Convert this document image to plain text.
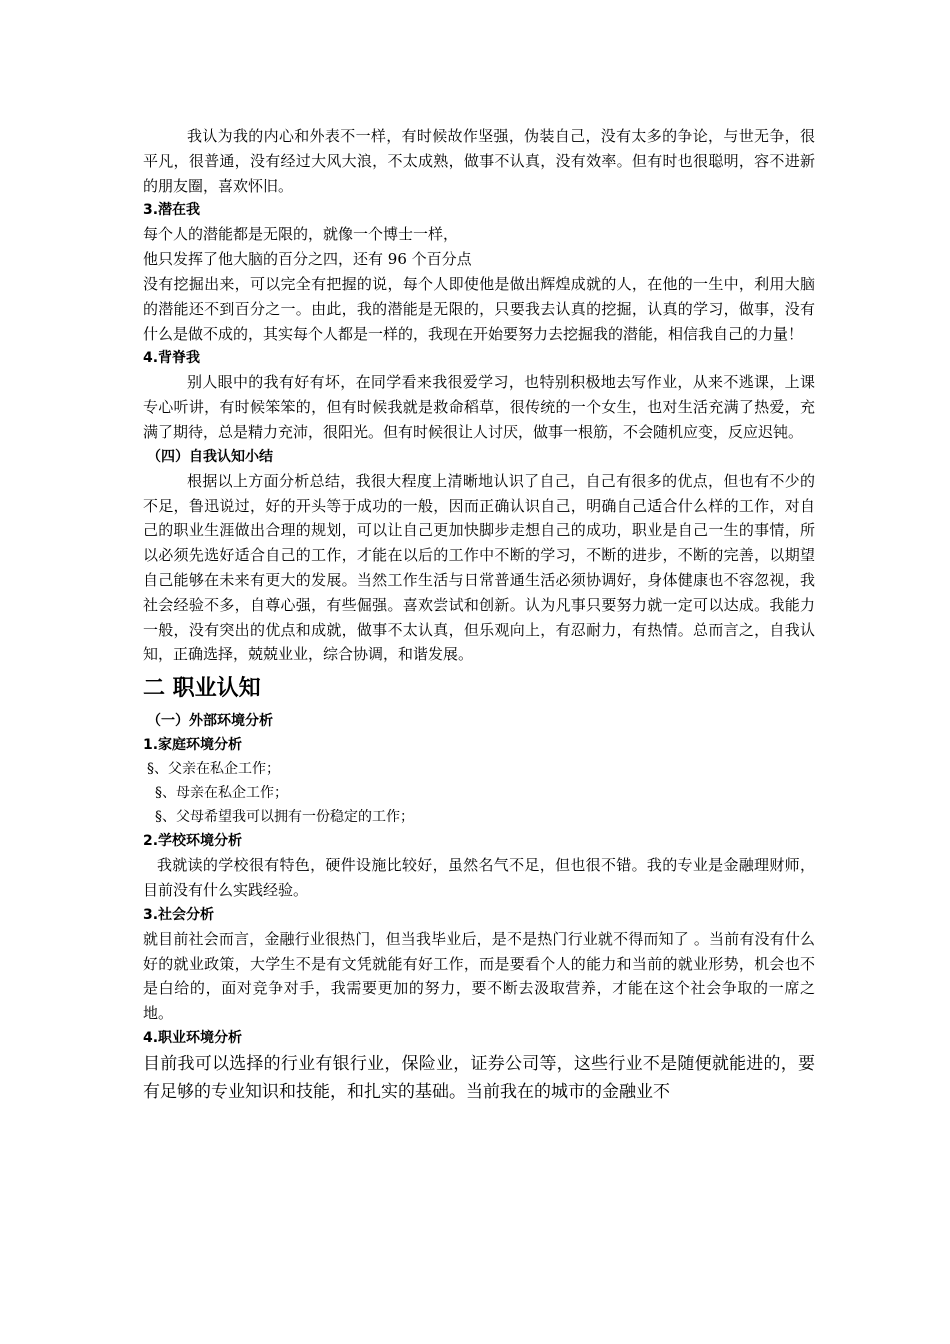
我认为我的内心和外表不一样，有时候故作坚强，伪装自己，没有太多的争论，与世无争，很平凡，很普通，没有经过大风大浪，不太成熟，做事不认真，没有效率。但有时也很聪明，容不进新的朋友圈，喜欢怀旧。

3.潜在我

每个人的潜能都是无限的，就像一个博士一样，

他只发挥了他大脑的百分之四，还有 96 个百分点

没有挖掘出来，可以完全有把握的说，每个人即使他是做出辉煌成就的人，在他的一生中，利用大脑的潜能还不到百分之一。由此，我的潜能是无限的，只要我去认真的挖掘，认真的学习，做事，没有什么是做不成的，其实每个人都是一样的，我现在开始要努力去挖掘我的潜能，相信我自己的力量！

4.背脊我

别人眼中的我有好有坏，在同学看来我很爱学习，也特别积极地去写作业，从来不逃课，上课专心听讲，有时候笨笨的，但有时候我就是救命稻草，很传统的一个女生，也对生活充满了热爱，充满了期待，总是精力充沛，很阳光。但有时候很让人讨厌，做事一根筋，不会随机应变，反应迟钝。

（四）自我认知小结

根据以上方面分析总结，我很大程度上清晰地认识了自己，自己有很多的优点，但也有不少的不足，鲁迅说过，好的开头等于成功的一般，因而正确认识自己，明确自己适合什么样的工作，对自己的职业生涯做出合理的规划，可以让自己更加快脚步走想自己的成功，职业是自己一生的事情，所以必须先选好适合自己的工作，才能在以后的工作中不断的学习，不断的进步，不断的完善，以期望自己能够在未来有更大的发展。当然工作生活与日常普通生活必须协调好，身体健康也不容忽视，我社会经验不多，自尊心强，有些倔强。喜欢尝试和创新。认为凡事只要努力就一定可以达成。我能力一般，没有突出的优点和成就，做事不太认真，但乐观向上，有忍耐力，有热情。总而言之，自我认知，正确选择，兢兢业业，综合协调，和谐发展。

二 职业认知

（一）外部环境分析

1.家庭环境分析

§、父亲在私企工作；

§、母亲在私企工作；

§、父母希望我可以拥有一份稳定的工作；

2.学校环境分析

我就读的学校很有特色，硬件设施比较好，虽然名气不足，但也很不错。我的专业是金融理财师，目前没有什么实践经验。

3.社会分析

就目前社会而言，金融行业很热门，但当我毕业后，是不是热门行业就不得而知了 。当前有没有什么好的就业政策，大学生不是有文凭就能有好工作，而是要看个人的能力和当前的就业形势，机会也不是白给的，面对竞争对手，我需要更加的努力，要不断去汲取营养，才能在这个社会争取的一席之地。

4.职业环境分析

目前我可以选择的行业有银行业，保险业，证券公司等，这些行业不是随便就能进的，要有足够的专业知识和技能，和扎实的基础。当前我在的城市的金融业不
